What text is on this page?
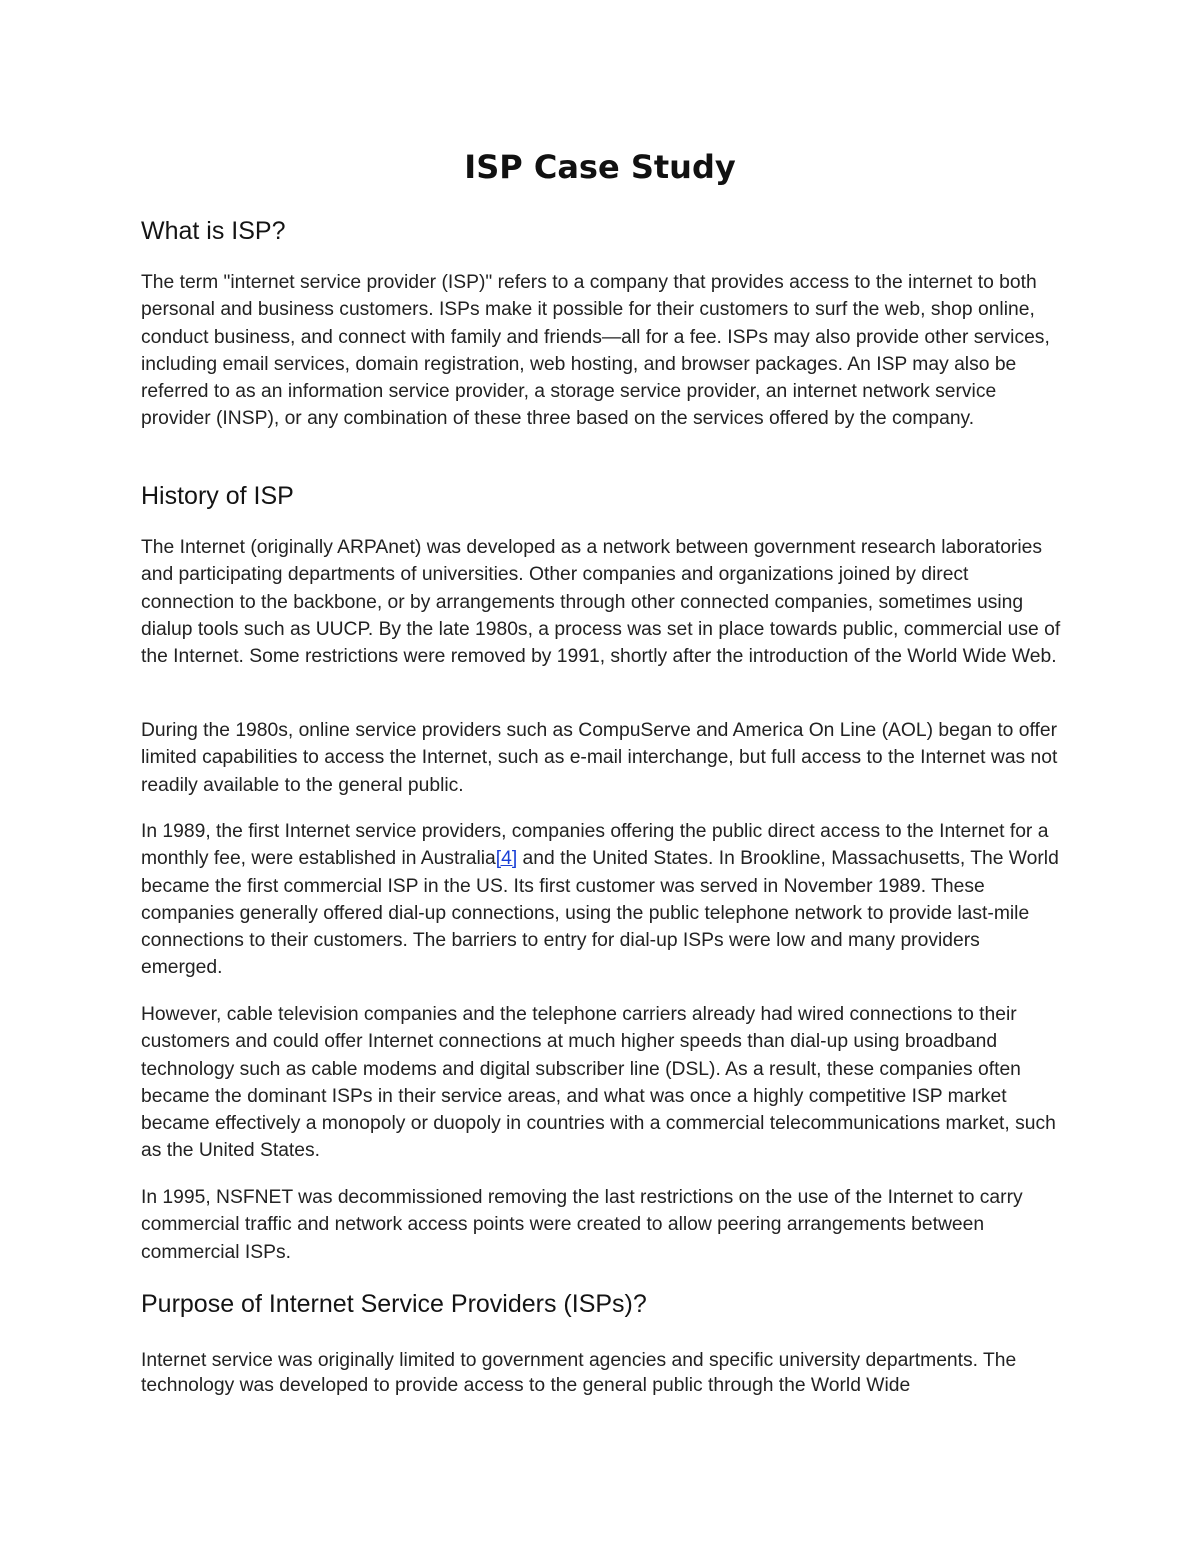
ISP Case Study
What is ISP?

The term "internet service provider (ISP)" refers to a company that provides access to the internet to both personal and business customers. ISPs make it possible for their customers to surf the web, shop online, conduct business, and connect with family and friends—all for a fee. ISPs may also provide other services, including email services, domain registration, web hosting, and browser packages. An ISP may also be referred to as an information service provider, a storage service provider, an internet network service provider (INSP), or any combination of these three based on the services offered by the company.

History of ISP

The Internet (originally ARPAnet) was developed as a network between government research laboratories and participating departments of universities. Other companies and organizations joined by direct connection to the backbone, or by arrangements through other connected companies, sometimes using dialup tools such as UUCP. By the late 1980s, a process was set in place towards public, commercial use of the Internet. Some restrictions were removed by 1991, shortly after the introduction of the World Wide Web.

During the 1980s, online service providers such as CompuServe and America On Line (AOL) began to offer limited capabilities to access the Internet, such as e-mail interchange, but full access to the Internet was not readily available to the general public.

In 1989, the first Internet service providers, companies offering the public direct access to the Internet for a monthly fee, were established in Australia[4] and the United States. In Brookline, Massachusetts, The World became the first commercial ISP in the US. Its first customer was served in November 1989. These companies generally offered dial-up connections, using the public telephone network to provide last-mile connections to their customers. The barriers to entry for dial-up ISPs were low and many providers emerged.

However, cable television companies and the telephone carriers already had wired connections to their customers and could offer Internet connections at much higher speeds than dial-up using broadband technology such as cable modems and digital subscriber line (DSL). As a result, these companies often became the dominant ISPs in their service areas, and what was once a highly competitive ISP market became effectively a monopoly or duopoly in countries with a commercial telecommunications market, such as the United States.

In 1995, NSFNET was decommissioned removing the last restrictions on the use of the Internet to carry commercial traffic and network access points were created to allow peering arrangements between commercial ISPs.

Purpose of Internet Service Providers (ISPs)?

Internet service was originally limited to government agencies and specific university departments. The technology was developed to provide access to the general public through the World Wide
